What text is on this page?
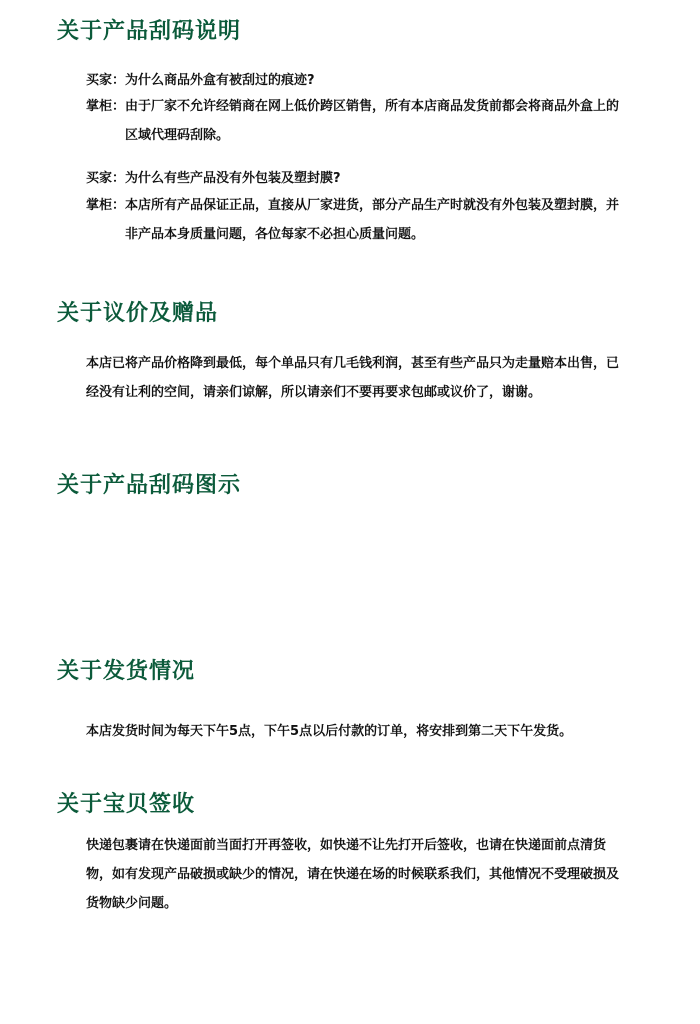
关于产品刮码说明
买家： 为什么商品外盒有被刮过的痕迹?
掌柜： 由于厂家不允许经销商在网上低价跨区销售，所有本店商品发货前都会将商品外盒上的区域代理码刮除。
买家： 为什么有些产品没有外包装及塑封膜?
掌柜： 本店所有产品保证正品，直接从厂家进货，部分产品生产时就没有外包装及塑封膜，并非产品本身质量问题，各位每家不必担心质量问题。
关于议价及赠品

本店已将产品价格降到最低，每个单品只有几毛钱利润，甚至有些产品只为走量赔本出售，已经没有让利的空间，请亲们谅解，所以请亲们不要再要求包邮或议价了，谢谢。

关于产品刮码图示
关于发货情况

本店发货时间为每天下午5点，下午5点以后付款的订单，将安排到第二天下午发货。

关于宝贝签收

快递包裹请在快递面前当面打开再签收，如快递不让先打开后签收，也请在快递面前点清货物，如有发现产品破损或缺少的情况，请在快递在场的时候联系我们，其他情况不受理破损及货物缺少问题。
